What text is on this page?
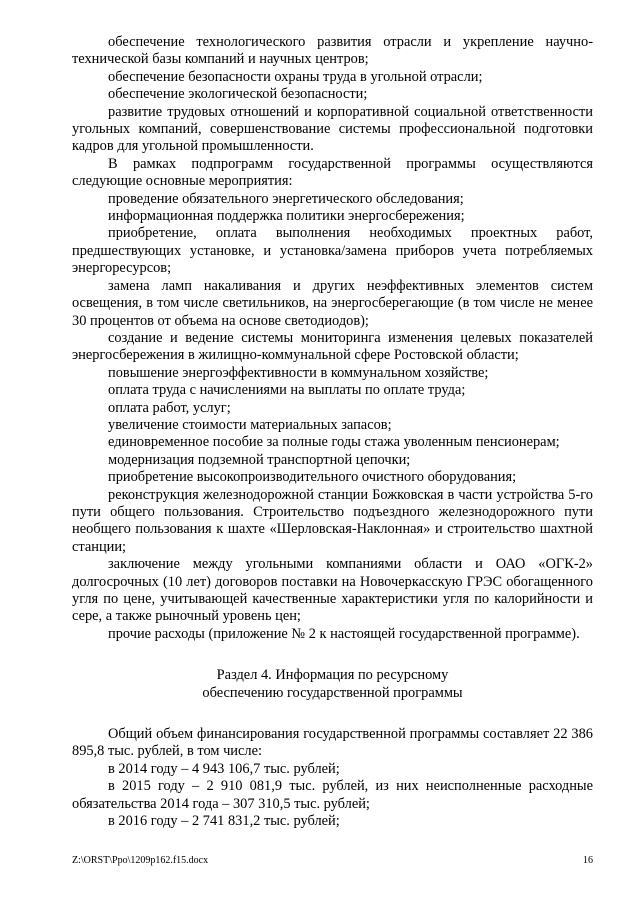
обеспечение технологического развития отрасли и укрепление научно-технической базы компаний и научных центров;

обеспечение безопасности охраны труда в угольной отрасли;

обеспечение экологической безопасности;

развитие трудовых отношений и корпоративной социальной ответственности угольных компаний, совершенствование системы профессиональной подготовки кадров для угольной промышленности.

В рамках подпрограмм государственной программы осуществляются следующие основные мероприятия:

проведение обязательного энергетического обследования;

информационная поддержка политики энергосбережения;

приобретение, оплата выполнения необходимых проектных работ, предшествующих установке, и установка/замена приборов учета потребляемых энергоресурсов;

замена ламп накаливания и других неэффективных элементов систем освещения, в том числе светильников, на энергосберегающие (в том числе не менее 30 процентов от объема на основе светодиодов);

создание и ведение системы мониторинга изменения целевых показателей энергосбережения в жилищно-коммунальной сфере Ростовской области;

повышение энергоэффективности в коммунальном хозяйстве;

оплата труда с начислениями на выплаты по оплате труда;

оплата работ, услуг;

увеличение стоимости материальных запасов;

единовременное пособие за полные годы стажа уволенным пенсионерам;

модернизация подземной транспортной цепочки;

приобретение высокопроизводительного очистного оборудования;

реконструкция железнодорожной станции Божковская в части устройства 5-го пути общего пользования. Строительство подъездного железнодорожного пути необщего пользования к шахте «Шерловская-Наклонная» и строительство шахтной станции;

заключение между угольными компаниями области и ОАО «ОГК-2» долгосрочных (10 лет) договоров поставки на Новочеркасскую ГРЭС обогащенного угля по цене, учитывающей качественные характеристики угля по калорийности и сере, а также рыночный уровень цен;

прочие расходы (приложение № 2 к настоящей государственной программе).

Раздел 4. Информация по ресурсному

обеспечению государственной программы

Общий объем финансирования государственной программы составляет 22 386 895,8 тыс. рублей, в том числе:

в 2014 году – 4 943 106,7 тыс. рублей;

в 2015 году – 2 910 081,9 тыс. рублей, из них неисполненные расходные обязательства 2014 года – 307 310,5 тыс. рублей;

в 2016 году – 2 741 831,2 тыс. рублей;

Z:\ORST\Ppo\1209p162.f15.docx	16
